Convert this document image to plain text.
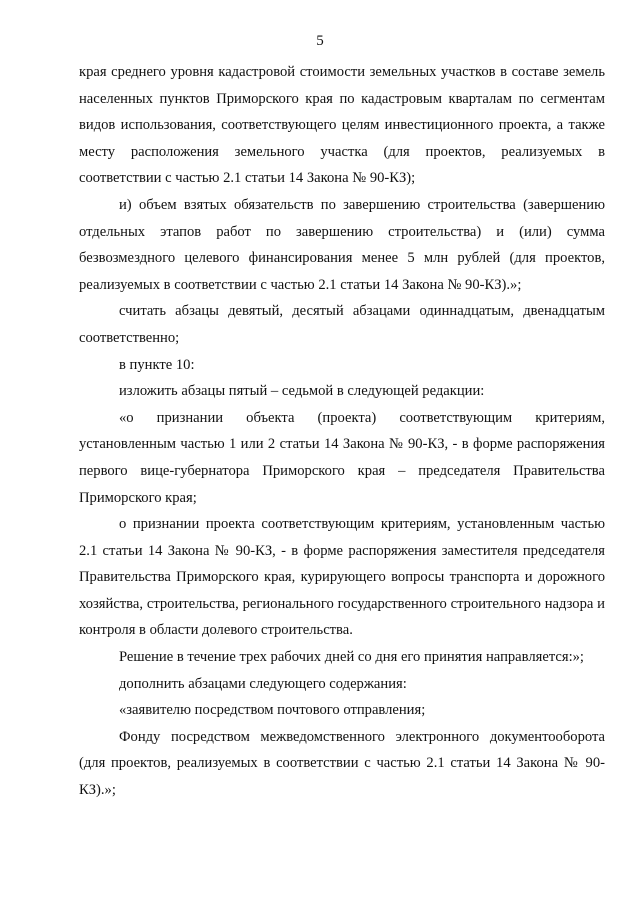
5

края среднего уровня кадастровой стоимости земельных участков в составе земель населенных пунктов Приморского края по кадастровым кварталам по сегментам видов использования, соответствующего целям инвестиционного проекта, а также месту расположения земельного участка (для проектов, реализуемых в соответствии с частью 2.1 статьи 14 Закона № 90-КЗ);

и) объем взятых обязательств по завершению строительства (завершению отдельных этапов работ по завершению строительства) и (или) сумма безвозмездного целевого финансирования менее 5 млн рублей (для проектов, реализуемых в соответствии с частью 2.1 статьи 14 Закона № 90-КЗ).»;

считать абзацы девятый, десятый абзацами одиннадцатым, двенадцатым соответственно;

в пункте 10:

изложить абзацы пятый – седьмой в следующей редакции:

«о признании объекта (проекта) соответствующим критериям, установленным частью 1 или 2 статьи 14 Закона № 90-КЗ, - в форме распоряжения первого вице-губернатора Приморского края – председателя Правительства Приморского края;

о признании проекта соответствующим критериям, установленным частью 2.1 статьи 14 Закона № 90-КЗ, - в форме распоряжения заместителя председателя Правительства Приморского края, курирующего вопросы транспорта и дорожного хозяйства, строительства, регионального государственного строительного надзора и контроля в области долевого строительства.

Решение в течение трех рабочих дней со дня его принятия направляется:»;

дополнить абзацами следующего содержания:

«заявителю посредством почтового отправления;

Фонду посредством межведомственного электронного документооборота (для проектов, реализуемых в соответствии с частью 2.1 статьи 14 Закона № 90-КЗ).»;
